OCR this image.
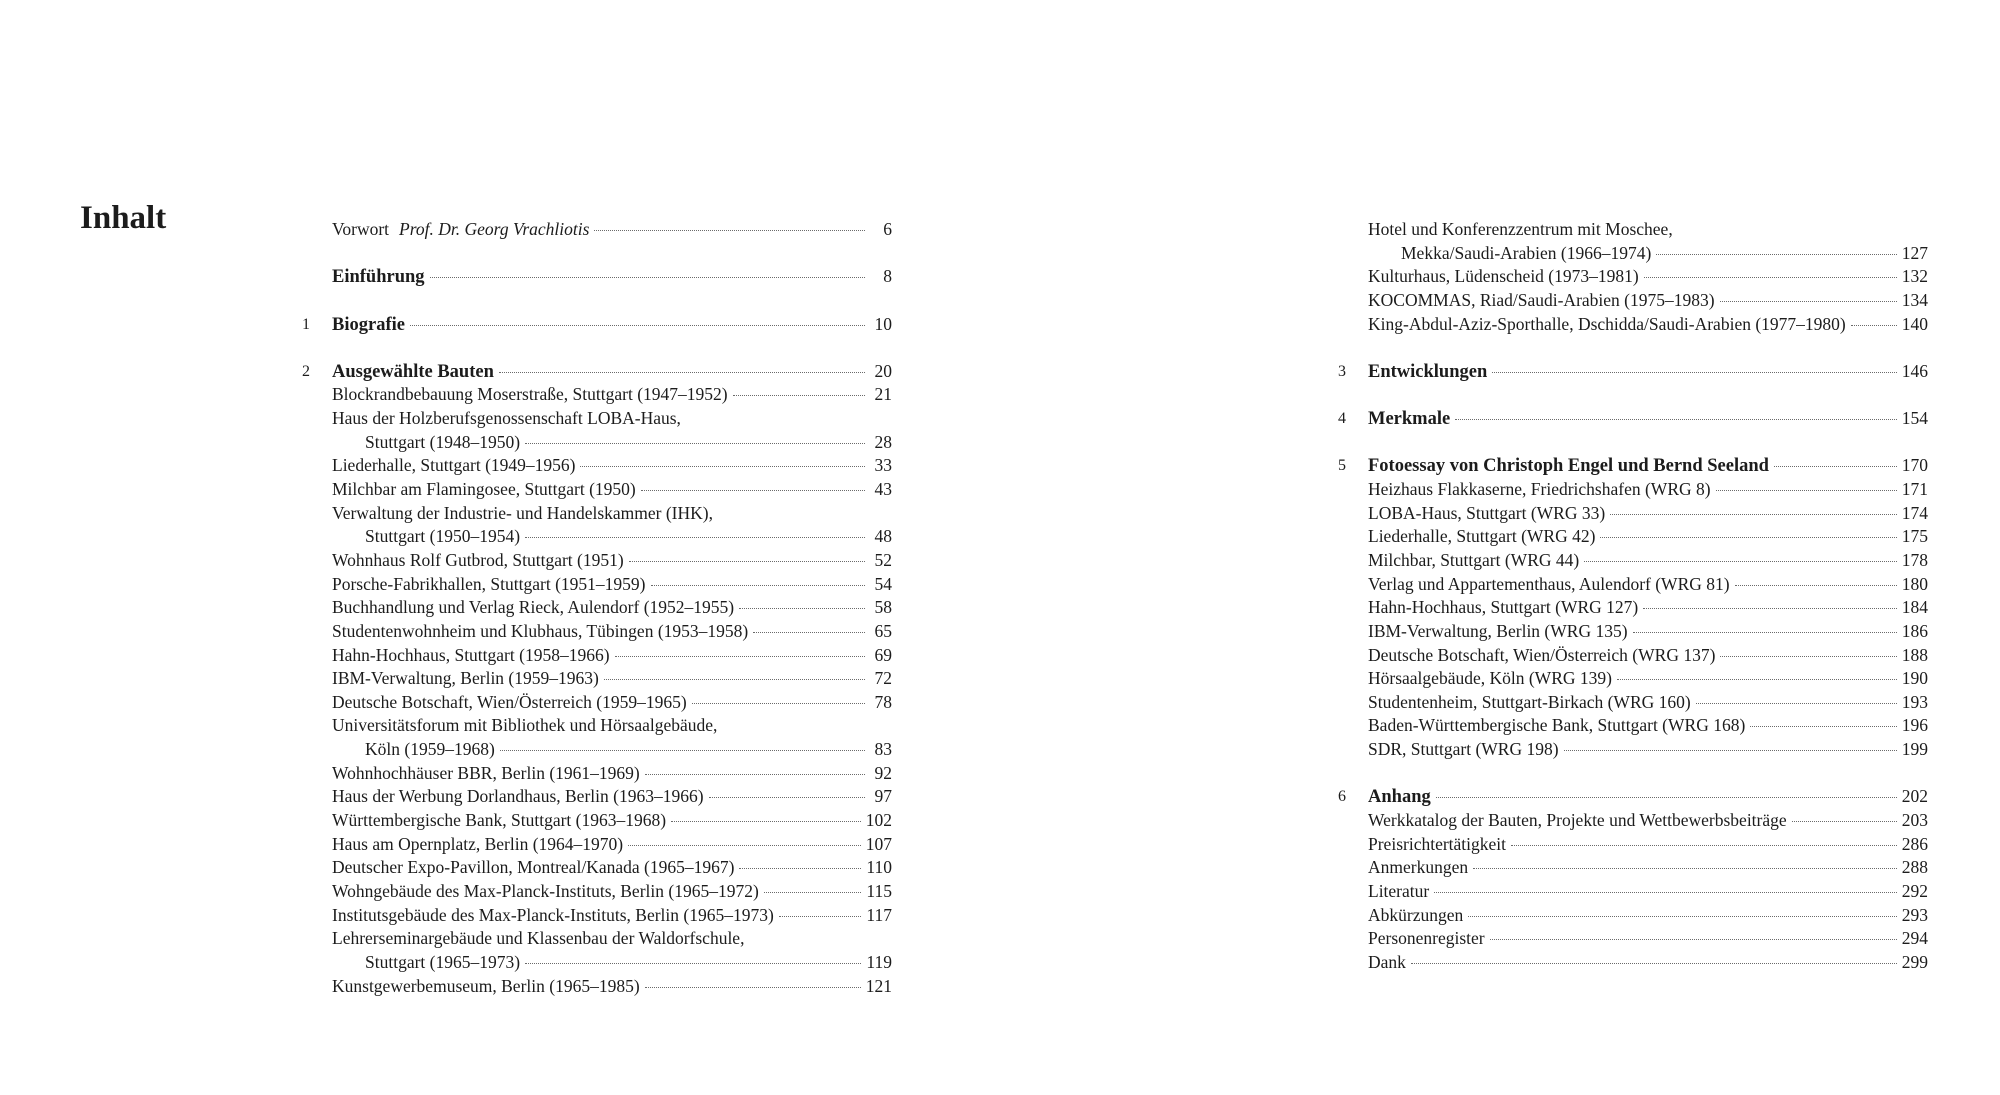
Inhalt	Vorwort Prof. Dr. Georg Vrachliotis	6
Einführung	8
1 Biografie	10
2 Ausgewählte Bauten	20
Blockrandbebauung Moserstraße, Stuttgart (1947–1952)	21
Haus der Holzberufsgenossenschaft LOBA-Haus,
Stuttgart (1948–1950)	28
Liederhalle, Stuttgart (1949–1956)	33
Milchbar am Flamingosee, Stuttgart (1950)	43
Verwaltung der Industrie- und Handelskammer (IHK),
Stuttgart (1950–1954)	48
Wohnhaus Rolf Gutbrod, Stuttgart (1951)	52
Porsche-Fabrikhallen, Stuttgart (1951–1959)	54
Buchhandlung und Verlag Rieck, Aulendorf (1952–1955)	58
Studentenwohnheim und Klubhaus, Tübingen (1953–1958)	65
Hahn-Hochhaus, Stuttgart (1958–1966)	69
IBM-Verwaltung, Berlin (1959–1963)	72
Deutsche Botschaft, Wien/Österreich (1959–1965)	78
Universitätsforum mit Bibliothek und Hörsaalgebäude,
Köln (1959–1968)	83
Wohnhochhäuser BBR, Berlin (1961–1969)	92
Haus der Werbung Dorlandhaus, Berlin (1963–1966)	97
Württembergische Bank, Stuttgart (1963–1968)	102
Haus am Opernplatz, Berlin (1964–1970)	107
Deutscher Expo-Pavillon, Montreal/Kanada (1965–1967)	110
Wohngebäude des Max-Planck-Instituts, Berlin (1965–1972)	115
Institutsgebäude des Max-Planck-Instituts, Berlin (1965–1973)	117
Lehrerseminargebäude und Klassenbau der Waldorfschule,
Stuttgart (1965–1973)	119
Kunstgewerbemuseum, Berlin (1965–1985)	121
Hotel und Konferenzzentrum mit Moschee,
Mekka/Saudi-Arabien (1966–1974)	127
Kulturhaus, Lüdenscheid (1973–1981)	132
KOCOMMAS, Riad/Saudi-Arabien (1975–1983)	134
King-Abdul-Aziz-Sporthalle, Dschidda/Saudi-Arabien (1977–1980)	140
3 Entwicklungen	146
4 Merkmale	154
5 Fotoessay von Christoph Engel und Bernd Seeland	170
Heizhaus Flakkaserne, Friedrichshafen (WRG 8)	171
LOBA-Haus, Stuttgart (WRG 33)	174
Liederhalle, Stuttgart (WRG 42)	175
Milchbar, Stuttgart (WRG 44)	178
Verlag und Appartementhaus, Aulendorf (WRG 81)	180
Hahn-Hochhaus, Stuttgart (WRG 127)	184
IBM-Verwaltung, Berlin (WRG 135)	186
Deutsche Botschaft, Wien/Österreich (WRG 137)	188
Hörsaalgebäude, Köln (WRG 139)	190
Studentenheim, Stuttgart-Birkach (WRG 160)	193
Baden-Württembergische Bank, Stuttgart (WRG 168)	196
SDR, Stuttgart (WRG 198)	199
6 Anhang	202
Werkkatalog der Bauten, Projekte und Wettbewerbsbeiträge	203
Preisrichtertätigkeit	286
Anmerkungen	288
Literatur	292
Abkürzungen	293
Personenregister	294
Dank	299
